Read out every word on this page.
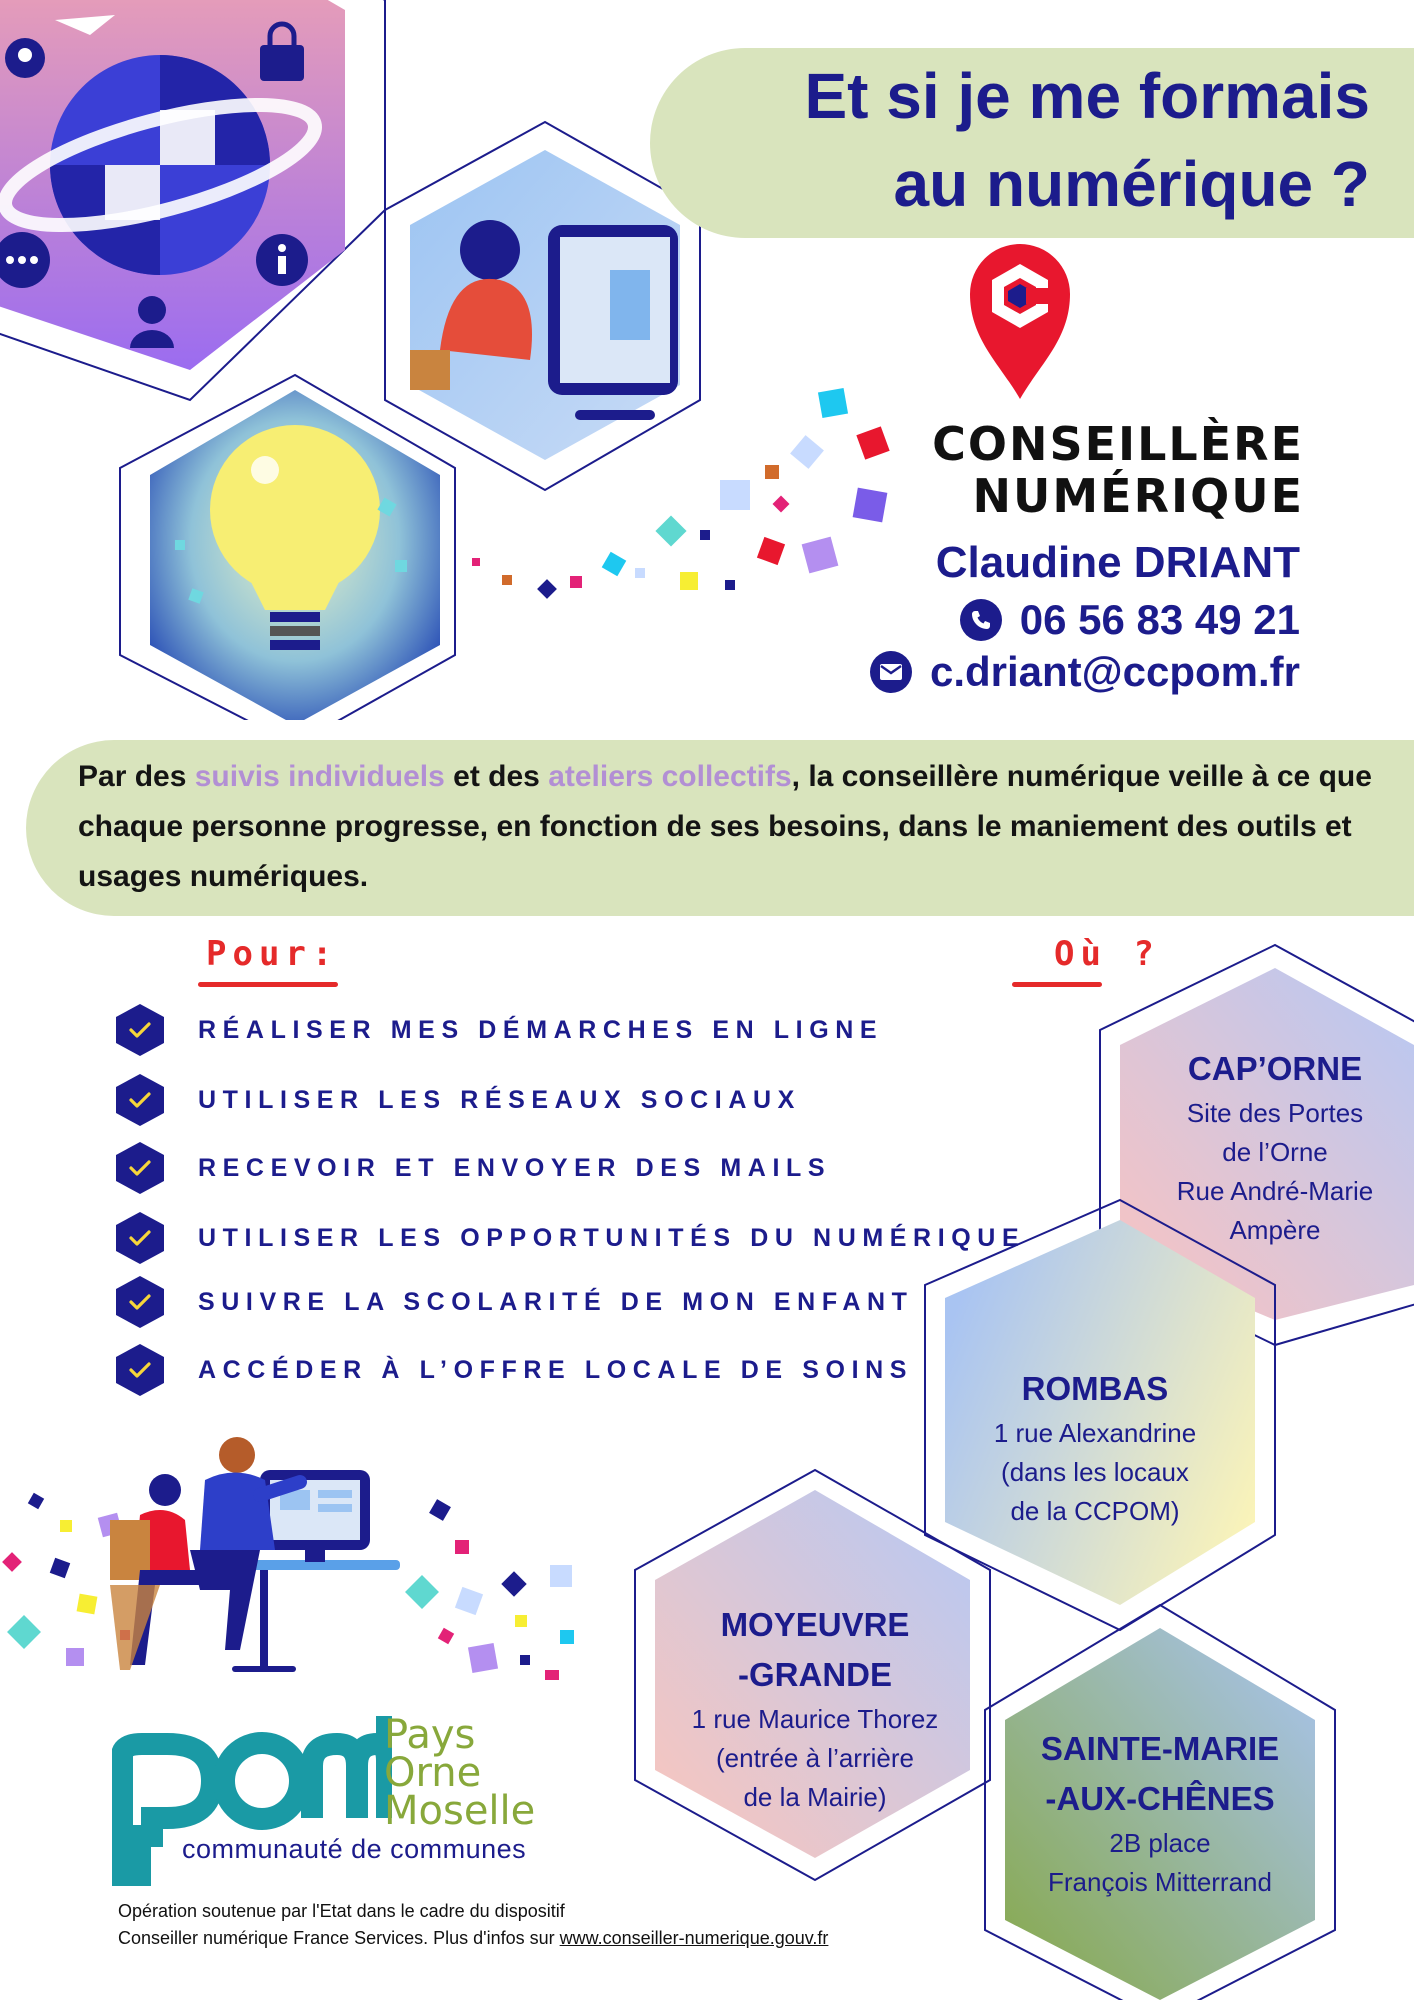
Et si je me formais
au numérique ?
CONSEILLÈRE
NUMÉRIQUE
Claudine DRIANT
06 56 83 49 21
c.driant@ccpom.fr
Par des suivis individuels et des ateliers collectifs, la conseillère numérique veille à ce que chaque personne progresse, en fonction de ses besoins, dans le maniement des outils et usages numériques.
Pour:	Où ?
RÉALISER MES DÉMARCHES EN LIGNE
UTILISER LES RÉSEAUX SOCIAUX
RECEVOIR ET ENVOYER DES MAILS
UTILISER LES OPPORTUNITÉS DU NUMÉRIQUE
SUIVRE LA SCOLARITÉ DE MON ENFANT
ACCÉDER À L’OFFRE LOCALE DE SOINS
CAP’ORNE
Site des Portes
de l’Orne
Rue André-Marie
Ampère
ROMBAS
1 rue Alexandrine
(dans les locaux
de la CCPOM)
MOYEUVRE
-GRANDE
1 rue Maurice Thorez
(entrée à l’arrière
de la Mairie)
SAINTE-MARIE
-AUX-CHÊNES
2B place
François Mitterrand
Pays
Orne
Moselle
communauté de communes
Opération soutenue par l'Etat dans le cadre du dispositif
Conseiller numérique France Services. Plus d'infos sur www.conseiller-numerique.gouv.fr
